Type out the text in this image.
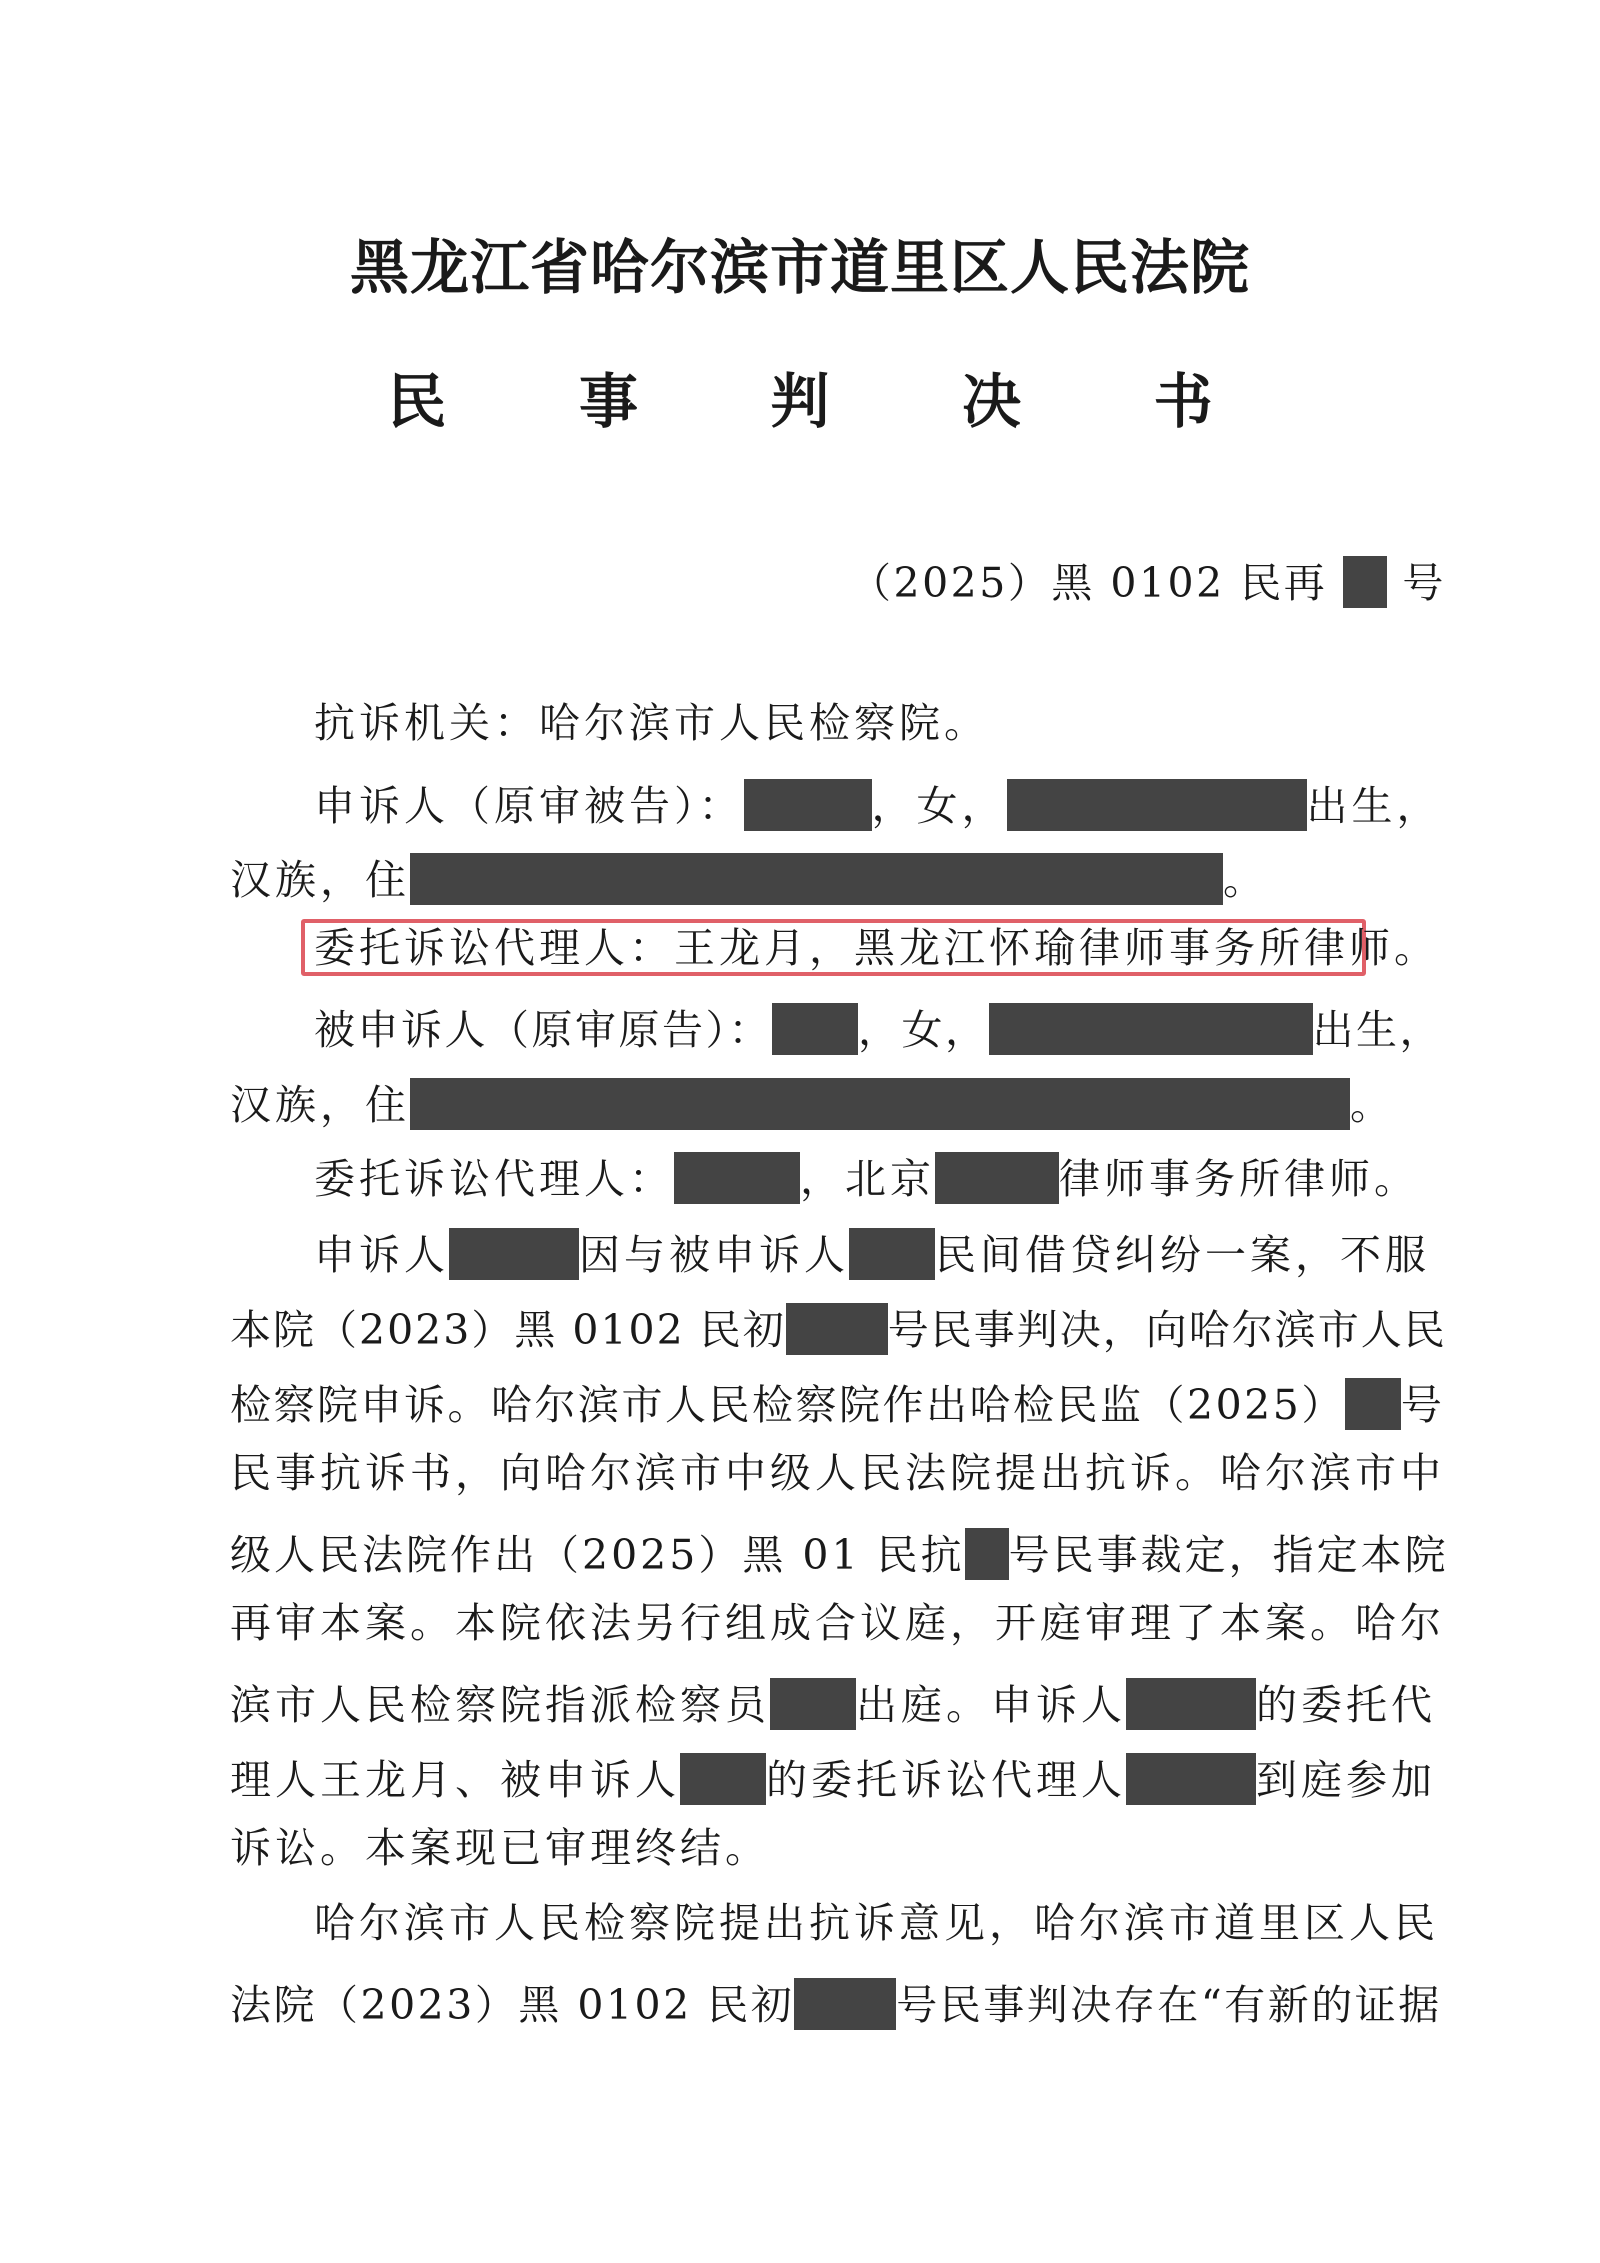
黑龙江省哈尔滨市道里区人民法院
民 事 判 决 书
（2025）黑 0102 民再 号
抗诉机关：哈尔滨市人民检察院。
申诉人（原审被告）：	，女，	出生，
汉族，住	。
委托诉讼代理人：王龙月，黑龙江怀瑜律师事务所律师。
被申诉人（原审原告）： ，女，	出生，
汉族，住	。
委托诉讼代理人：	，北京	律师事务所律师。
申诉人	因与被申诉人 民间借贷纠纷一案，不服
本院（2023）黑 0102 民初 号民事判决，向哈尔滨市人民
检察院申诉。哈尔滨市人民检察院作出哈检民监（2025） 号
民事抗诉书，向哈尔滨市中级人民法院提出抗诉。哈尔滨市中
级人民法院作出（2025）黑 01 民抗 号民事裁定，指定本院
再审本案。本院依法另行组成合议庭，开庭审理了本案。哈尔
滨市人民检察院指派检察员 出庭。申诉人	的委托代
理人王龙月、被申诉人 的委托诉讼代理人	到庭参加
诉讼。本案现已审理终结。
哈尔滨市人民检察院提出抗诉意见，哈尔滨市道里区人民
法院（2023）黑 0102 民初 号民事判决存在“有新的证据
